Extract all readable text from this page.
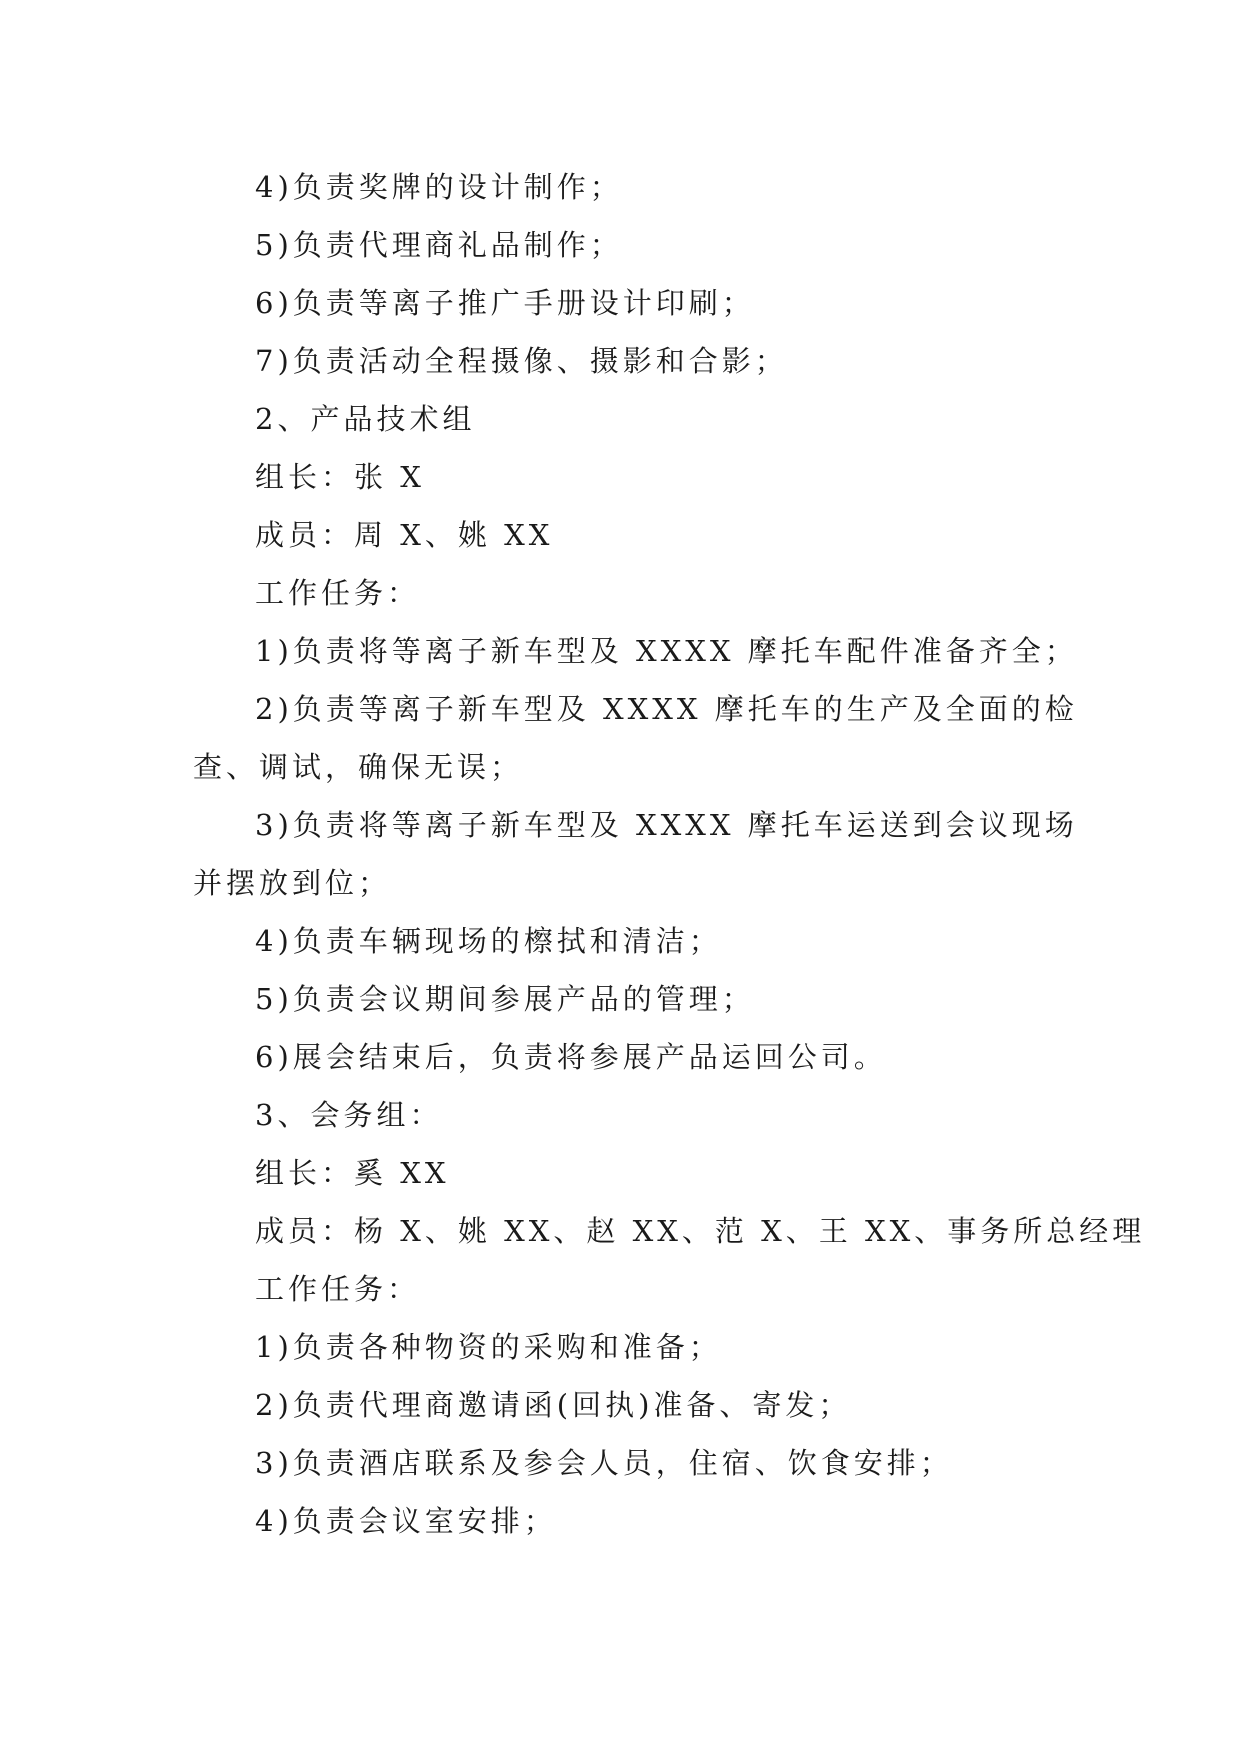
4)负责奖牌的设计制作；
5)负责代理商礼品制作；
6)负责等离子推广手册设计印刷；
7)负责活动全程摄像、摄影和合影；
2、产品技术组
组长：张 X
成员：周 X、姚 XX
工作任务：
1)负责将等离子新车型及 XXXX 摩托车配件准备齐全；
2)负责等离子新车型及 XXXX 摩托车的生产及全面的检
查、调试，确保无误；
3)负责将等离子新车型及 XXXX 摩托车运送到会议现场
并摆放到位；
4)负责车辆现场的檫拭和清洁；
5)负责会议期间参展产品的管理；
6)展会结束后，负责将参展产品运回公司。
3、会务组：
组长：奚 XX
成员：杨 X、姚 XX、赵 XX、范 X、王 XX、事务所总经理
工作任务：
1)负责各种物资的采购和准备；
2)负责代理商邀请函(回执)准备、寄发；
3)负责酒店联系及参会人员，住宿、饮食安排；
4)负责会议室安排；
